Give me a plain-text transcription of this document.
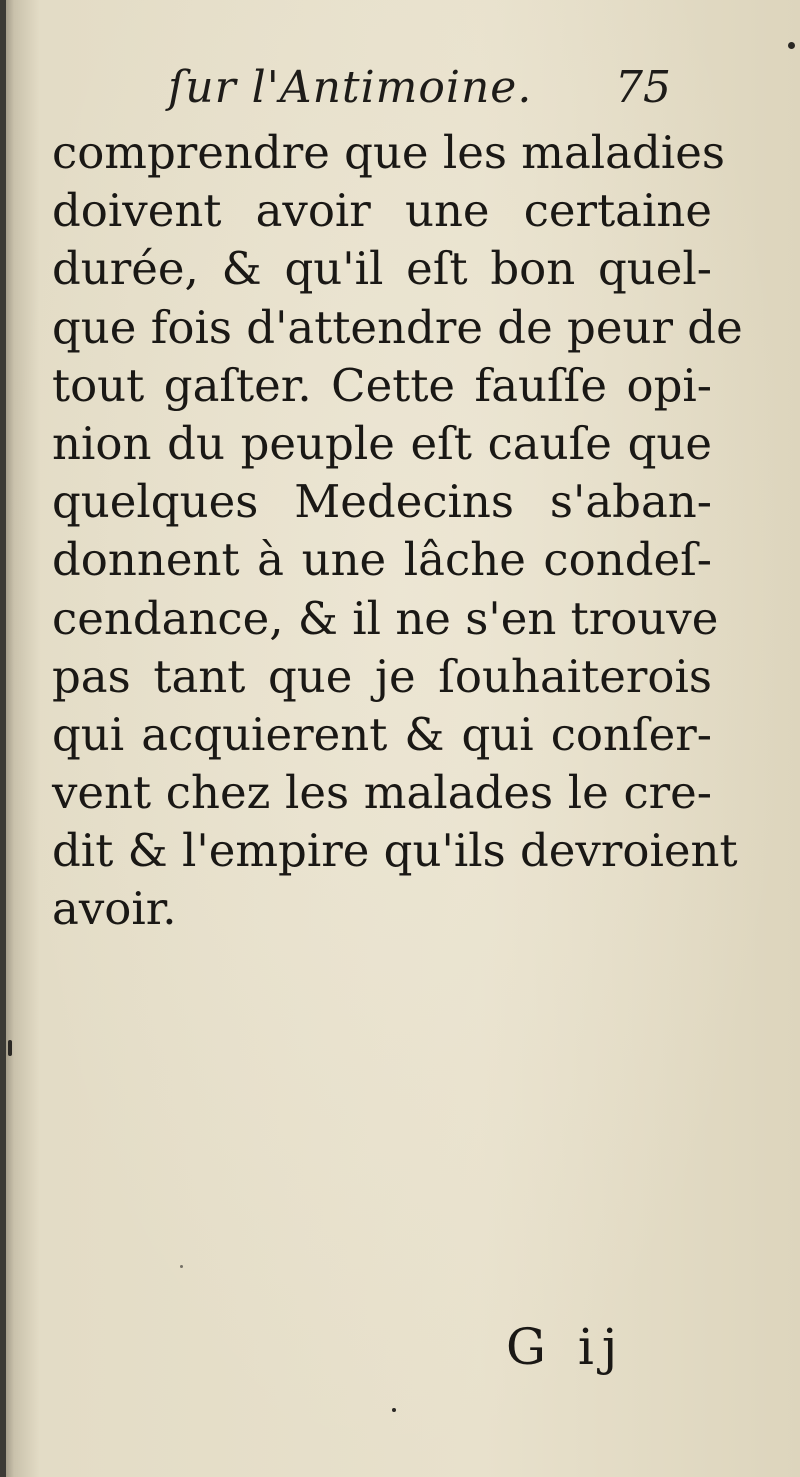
ſur l'Antimoine. 75
comprendre que les maladies
doivent avoir une certaine
durée, & qu'il eſt bon quel-
que fois d'attendre de peur de
tout gaſter. Cette fauſſe opi-
nion du peuple eſt cauſe que
quelques Medecins s'aban-
donnent à une lâche condeſ-
cendance, & il ne s'en trouve
pas tant que je ſouhaiterois
qui acquierent & qui conſer-
vent chez les malades le cre-
dit & l'empire qu'ils devroient
avoir.
G ij
